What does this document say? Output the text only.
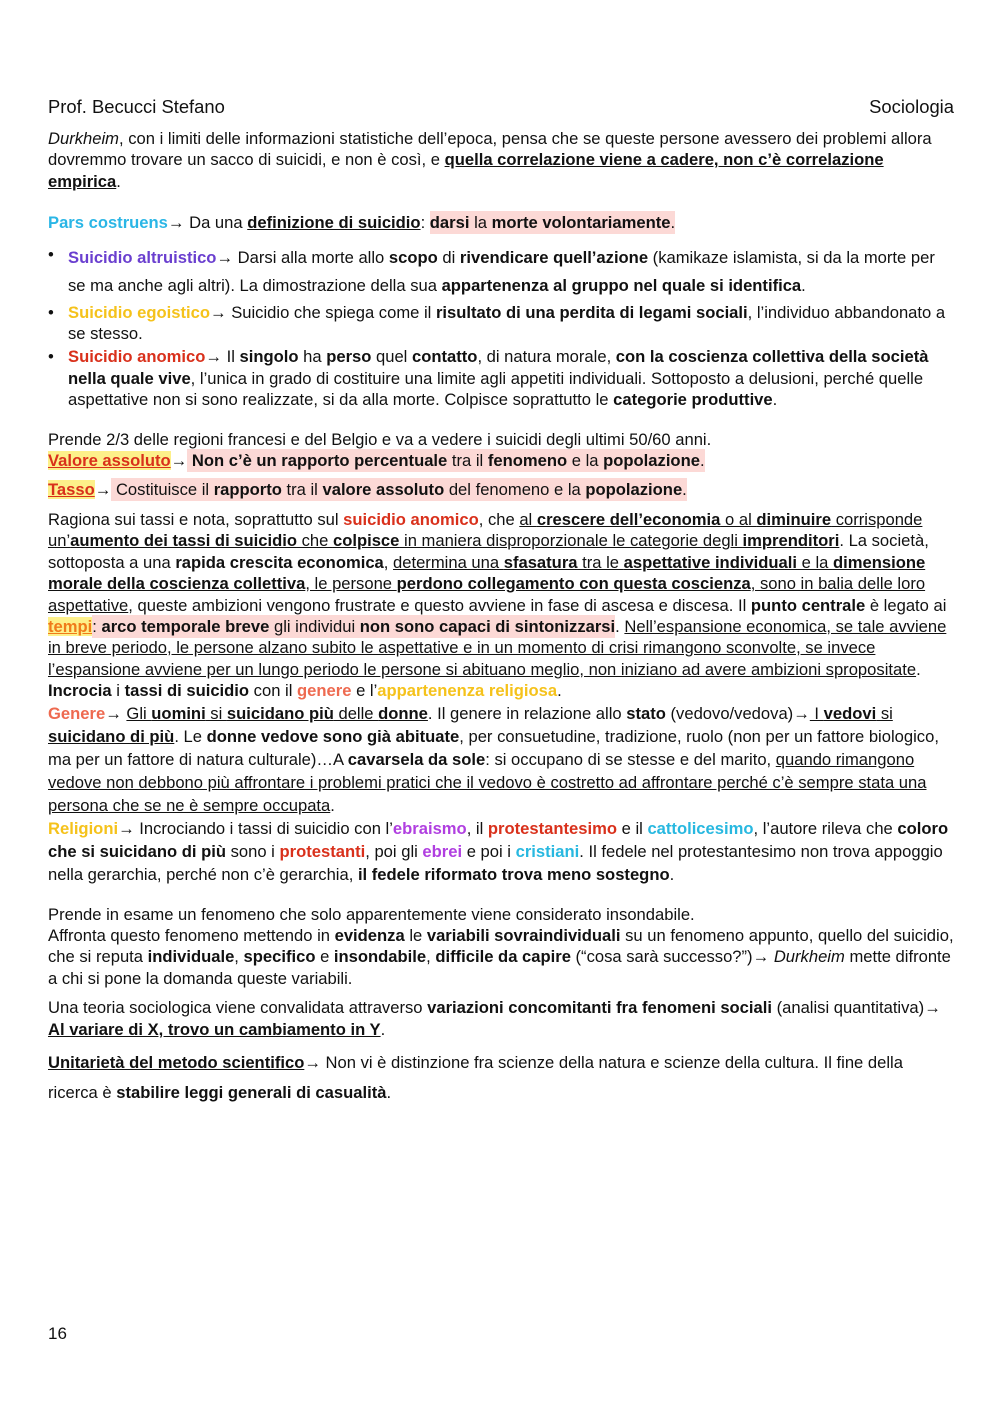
Prof. Becucci Stefano	Sociologia

Durkheim, con i limiti delle informazioni statistiche dell’epoca, pensa che se queste persone avessero dei problemi allora dovremmo trovare un sacco di suicidi, e non è così, e quella correlazione viene a cadere, non c’è correlazione empirica.

Pars costruens→ Da una definizione di suicidio: darsi la morte volontariamente.

• Suicidio altruistico→ Darsi alla morte allo scopo di rivendicare quell’azione (kamikaze islamista, si da la morte per se ma anche agli altri). La dimostrazione della sua appartenenza al gruppo nel quale si identifica.
• Suicidio egoistico→ Suicidio che spiega come il risultato di una perdita di legami sociali, l’individuo abbandonato a se stesso.
• Suicidio anomico→ Il singolo ha perso quel contatto, di natura morale, con la coscienza collettiva della società nella quale vive, l’unica in grado di costituire una limite agli appetiti individuali. Sottoposto a delusioni, perché quelle aspettative non si sono realizzate, si da alla morte. Colpisce soprattutto le categorie produttive.

Prende 2/3 delle regioni francesi e del Belgio e va a vedere i suicidi degli ultimi 50/60 anni.

Valore assoluto→ Non c’è un rapporto percentuale tra il fenomeno e la popolazione.

Tasso→ Costituisce il rapporto tra il valore assoluto del fenomeno e la popolazione.

Ragiona sui tassi e nota, soprattutto sul suicidio anomico, che al crescere dell’economia o al diminuire corrisponde un’aumento dei tassi di suicidio che colpisce in maniera disproporzionale le categorie degli imprenditori. La società, sottoposta a una rapida crescita economica, determina una sfasatura tra le aspettative individuali e la dimensione morale della coscienza collettiva, le persone perdono collegamento con questa coscienza, sono in balia delle loro aspettative, queste ambizioni vengono frustrate e questo avviene in fase di ascesa e discesa. Il punto centrale è legato ai tempi: arco temporale breve gli individui non sono capaci di sintonizzarsi. Nell’espansione economica, se tale avviene in breve periodo, le persone alzano subito le aspettative e in un momento di crisi rimangono sconvolte, se invece l’espansione avviene per un lungo periodo le persone si abituano meglio, non iniziano ad avere ambizioni spropositate.

Incrocia i tassi di suicidio con il genere e l’appartenenza religiosa.

Genere→ Gli uomini si suicidano più delle donne. Il genere in relazione allo stato (vedovo/vedova)→ I vedovi si suicidano di più. Le donne vedove sono già abituate, per consuetudine, tradizione, ruolo (non per un fattore biologico, ma per un fattore di natura culturale)…A cavarsela da sole: si occupano di se stesse e del marito, quando rimangono vedove non debbono più affrontare i problemi pratici che il vedovo è costretto ad affrontare perché c’è sempre stata una persona che se ne è sempre occupata.

Religioni→ Incrociando i tassi di suicidio con l’ebraismo, il protestantesimo e il cattolicesimo, l’autore rileva che coloro che si suicidano di più sono i protestanti, poi gli ebrei e poi i cristiani. Il fedele nel protestantesimo non trova appoggio nella gerarchia, perché non c’è gerarchia, il fedele riformato trova meno sostegno.

Prende in esame un fenomeno che solo apparentemente viene considerato insondabile.

Affronta questo fenomeno mettendo in evidenza le variabili sovraindividuali su un fenomeno appunto, quello del suicidio, che si reputa individuale, specifico e insondabile, difficile da capire (“cosa sarà successo?”)→ Durkheim mette difronte a chi si pone la domanda queste variabili.

Una teoria sociologica viene convalidata attraverso variazioni concomitanti fra fenomeni sociali (analisi quantitativa)→ Al variare di X, trovo un cambiamento in Y.

Unitarietà del metodo scientifico→ Non vi è distinzione fra scienze della natura e scienze della cultura. Il fine della ricerca è stabilire leggi generali di casualità.

16
